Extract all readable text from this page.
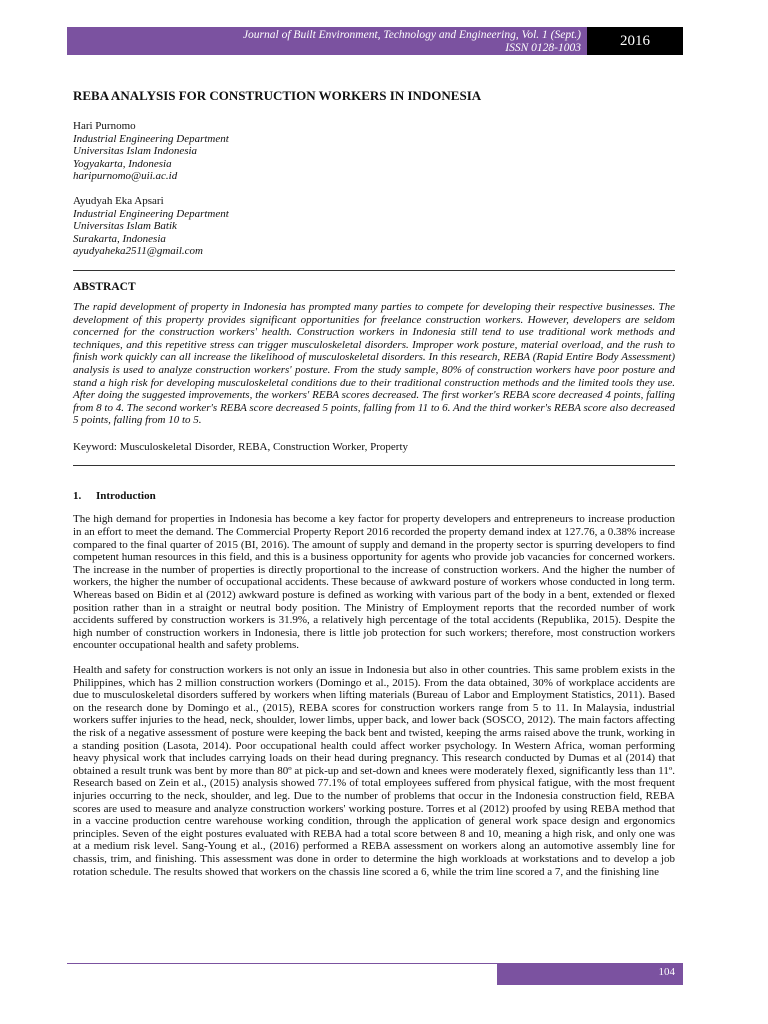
Journal of Built Environment, Technology and Engineering, Vol. 1 (Sept.)
ISSN 0128-1003	2016
REBA ANALYSIS FOR CONSTRUCTION WORKERS IN INDONESIA
Hari Purnomo
Industrial Engineering Department
Universitas Islam Indonesia
Yogyakarta, Indonesia
haripurnomo@uii.ac.id
Ayudyah Eka Apsari
Industrial Engineering Department
Universitas Islam Batik
Surakarta, Indonesia
ayudyaheka2511@gmail.com
ABSTRACT

The rapid development of property in Indonesia has prompted many parties to compete for developing their respective businesses. The development of this property provides significant opportunities for freelance construction workers. However, developers are seldom concerned for the construction workers' health. Construction workers in Indonesia still tend to use traditional work methods and techniques, and this repetitive stress can trigger musculoskeletal disorders. Improper work posture, material overload, and the rush to finish work quickly can all increase the likelihood of musculoskeletal disorders. In this research, REBA (Rapid Entire Body Assessment) analysis is used to analyze construction workers' posture. From the study sample, 80% of construction workers have poor posture and stand a high risk for developing musculoskeletal conditions due to their traditional construction methods and the limited tools they use. After doing the suggested improvements, the workers' REBA scores decreased. The first worker's REBA score decreased 4 points, falling from 8 to 4. The second worker's REBA score decreased 5 points, falling from 11 to 6. And the third worker's REBA score also decreased 5 points, falling from 10 to 5.

Keyword: Musculoskeletal Disorder, REBA, Construction Worker, Property

1. Introduction

The high demand for properties in Indonesia has become a key factor for property developers and entrepreneurs to increase production in an effort to meet the demand. The Commercial Property Report 2016 recorded the property demand index at 127.76, a 0.38% increase compared to the final quarter of 2015 (BI, 2016). The amount of supply and demand in the property sector is spurring developers to find competent human resources in this field, and this is a business opportunity for agents who provide job vacancies for concerned workers. The increase in the number of properties is directly proportional to the increase of construction workers. And the higher the number of workers, the higher the number of occupational accidents. These because of awkward posture of workers whose conducted in long term. Whereas based on Bidin et al (2012) awkward posture is defined as working with various part of the body in a bent, extended or flexed position rather than in a straight or neutral body position. The Ministry of Employment reports that the recorded number of work accidents suffered by construction workers is 31.9%, a relatively high percentage of the total accidents (Republika, 2015). Despite the high number of construction workers in Indonesia, there is little job protection for such workers; therefore, most construction workers encounter occupational health and safety problems.

Health and safety for construction workers is not only an issue in Indonesia but also in other countries. This same problem exists in the Philippines, which has 2 million construction workers (Domingo et al., 2015). From the data obtained, 30% of workplace accidents are due to musculoskeletal disorders suffered by workers when lifting materials (Bureau of Labor and Employment Statistics, 2011). Based on the research done by Domingo et al., (2015), REBA scores for construction workers range from 5 to 11. In Malaysia, industrial workers suffer injuries to the head, neck, shoulder, lower limbs, upper back, and lower back (SOSCO, 2012). The main factors affecting the risk of a negative assessment of posture were keeping the back bent and twisted, keeping the arms raised above the trunk, working in a standing position (Lasota, 2014). Poor occupational health could affect worker psychology. In Western Africa, woman performing heavy physical work that includes carrying loads on their head during pregnancy. This research conducted by Dumas et al (2014) that obtained a result trunk was bent by more than 80º at pick-up and set-down and knees were moderately flexed, significantly less than 11º. Research based on Zein et al., (2015) analysis showed 77.1% of total employees suffered from physical fatigue, with the most frequent injuries occurring to the neck, shoulder, and leg. Due to the number of problems that occur in the Indonesia construction field, REBA scores are used to measure and analyze construction workers' working posture. Torres et al (2012) proofed by using REBA method that in a vaccine production centre warehouse working condition, through the application of general work space design and ergonomics principles. Seven of the eight postures evaluated with REBA had a total score between 8 and 10, meaning a high risk, and only one was at a medium risk level. Sang-Young et al., (2016) performed a REBA assessment on workers along an automotive assembly line for chassis, trim, and finishing. This assessment was done in order to determine the high workloads at workstations and to develop a job rotation schedule. The results showed that workers on the chassis line scored a 6, while the trim line scored a 7, and the finishing line

104
